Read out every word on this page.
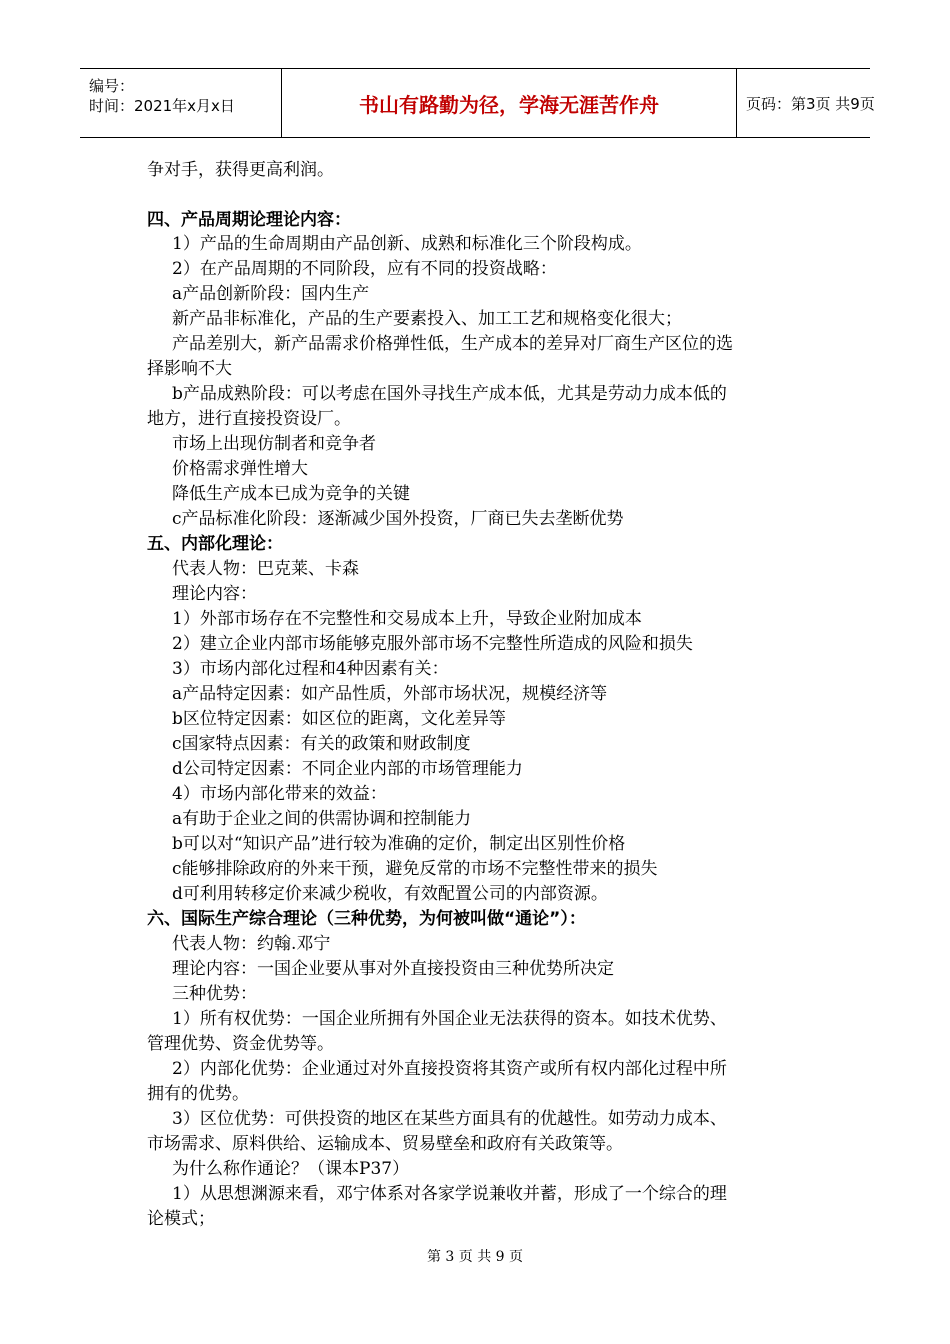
编号：
时间：2021年x月x日	书山有路勤为径，学海无涯苦作舟	页码：第3页 共9页
争对手，获得更高利润。
四、产品周期论理论内容：
1）产品的生命周期由产品创新、成熟和标准化三个阶段构成。
2）在产品周期的不同阶段，应有不同的投资战略：
a产品创新阶段：国内生产
新产品非标准化，产品的生产要素投入、加工工艺和规格变化很大；
产品差别大，新产品需求价格弹性低，生产成本的差异对厂商生产区位的选
择影响不大
b产品成熟阶段：可以考虑在国外寻找生产成本低，尤其是劳动力成本低的
地方，进行直接投资设厂。
市场上出现仿制者和竞争者
价格需求弹性增大
降低生产成本已成为竞争的关键
c产品标准化阶段：逐渐减少国外投资，厂商已失去垄断优势
五、内部化理论：
代表人物：巴克莱、卡森
理论内容：
1）外部市场存在不完整性和交易成本上升，导致企业附加成本
2）建立企业内部市场能够克服外部市场不完整性所造成的风险和损失
3）市场内部化过程和4种因素有关：
a产品特定因素：如产品性质，外部市场状况，规模经济等
b区位特定因素：如区位的距离，文化差异等
c国家特点因素：有关的政策和财政制度
d公司特定因素：不同企业内部的市场管理能力
4）市场内部化带来的效益：
a有助于企业之间的供需协调和控制能力
b可以对“知识产品”进行较为准确的定价，制定出区别性价格
c能够排除政府的外来干预，避免反常的市场不完整性带来的损失
d可利用转移定价来减少税收，有效配置公司的内部资源。
六、国际生产综合理论（三种优势，为何被叫做“通论”）：
代表人物：约翰.邓宁
理论内容：一国企业要从事对外直接投资由三种优势所决定
三种优势：
1）所有权优势：一国企业所拥有外国企业无法获得的资本。如技术优势、
管理优势、资金优势等。
2）内部化优势：企业通过对外直接投资将其资产或所有权内部化过程中所
拥有的优势。
3）区位优势：可供投资的地区在某些方面具有的优越性。如劳动力成本、
市场需求、原料供给、运输成本、贸易壁垒和政府有关政策等。
为什么称作通论？（课本P37）
1）从思想渊源来看，邓宁体系对各家学说兼收并蓄，形成了一个综合的理
论模式；
第 3 页 共 9 页
